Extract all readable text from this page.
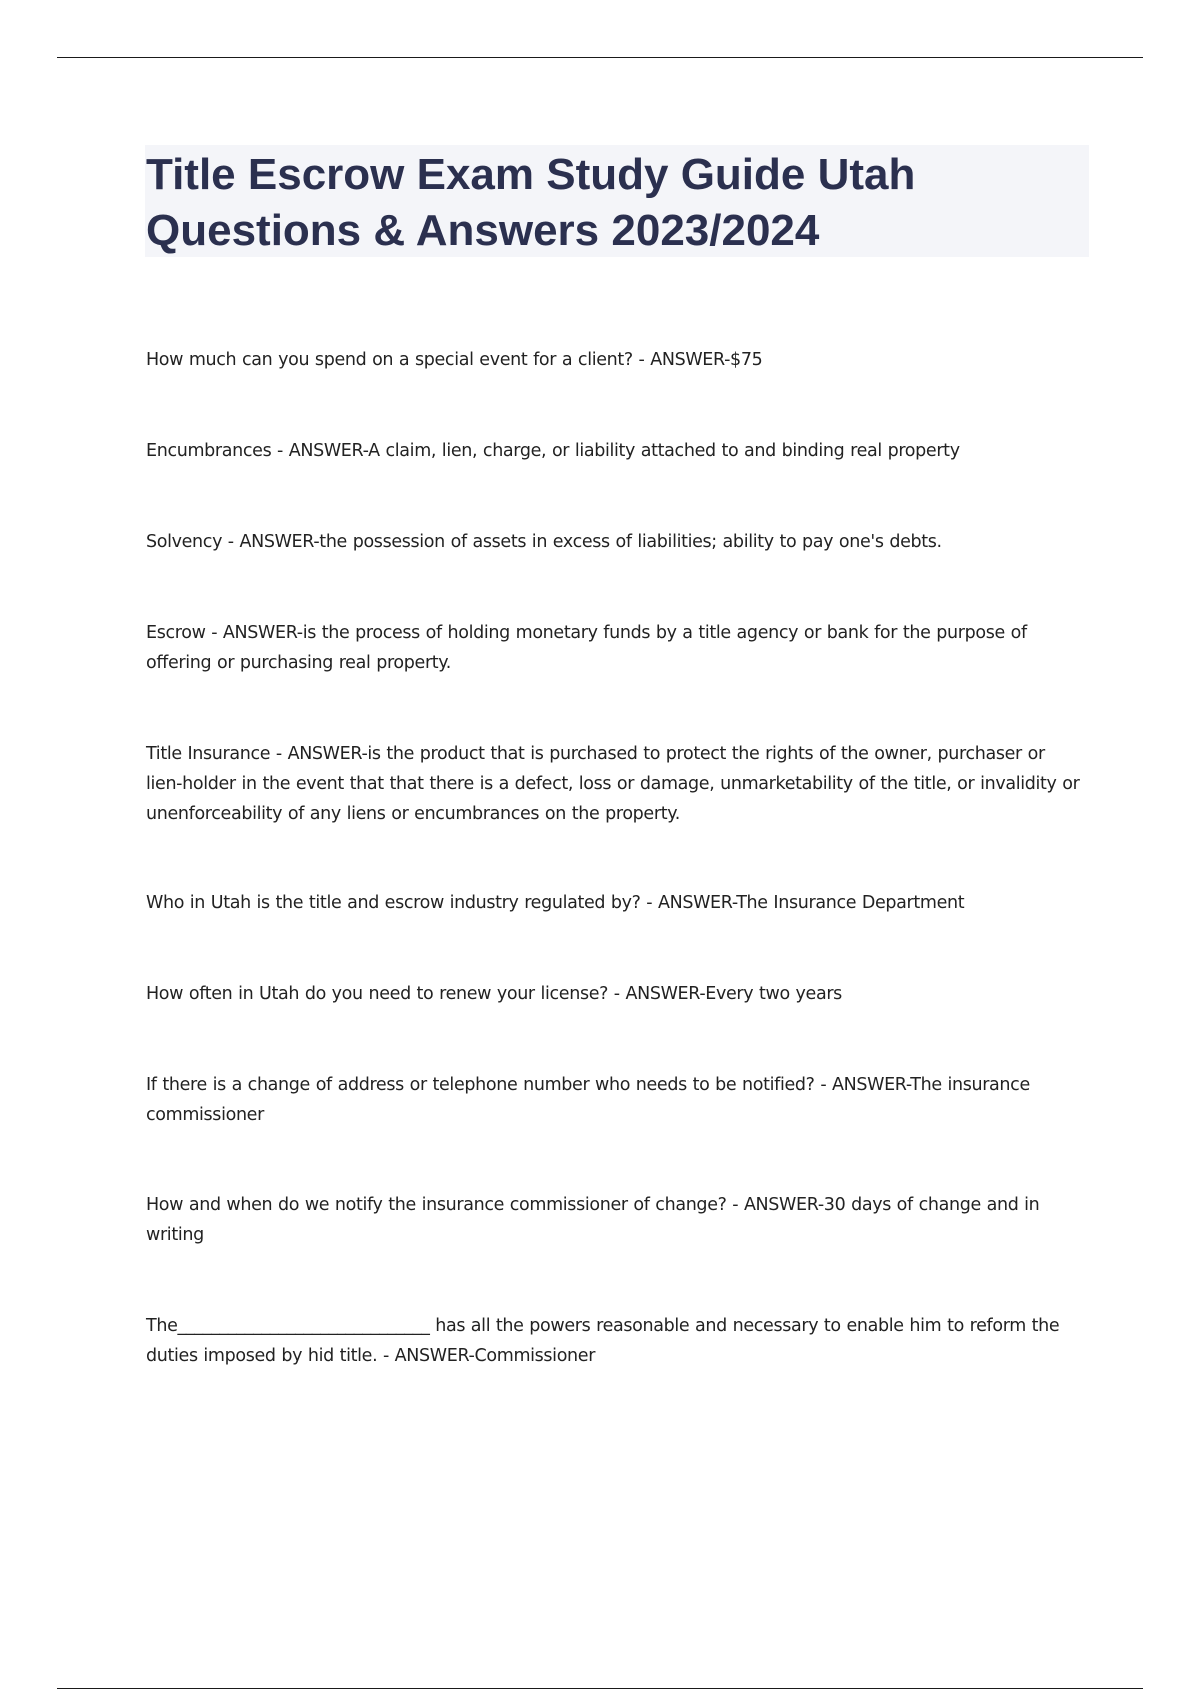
Title Escrow Exam Study Guide Utah
Questions & Answers 2023/2024
How much can you spend on a special event for a client? - ANSWER-$75
Encumbrances - ANSWER-A claim, lien, charge, or liability attached to and binding real property
Solvency - ANSWER-the possession of assets in excess of liabilities; ability to pay one's debts.
Escrow - ANSWER-is the process of holding monetary funds by a title agency or bank for the purpose of offering or purchasing real property.
Title Insurance - ANSWER-is the product that is purchased to protect the rights of the owner, purchaser or lien-holder in the event that that there is a defect, loss or damage, unmarketability of the title, or invalidity or unenforceability of any liens or encumbrances on the property.
Who in Utah is the title and escrow industry regulated by? - ANSWER-The Insurance Department
How often in Utah do you need to renew your license? - ANSWER-Every two years
If there is a change of address or telephone number who needs to be notified? - ANSWER-The insurance commissioner
How and when do we notify the insurance commissioner of change? - ANSWER-30 days of change and in writing
The______________________________ has all the powers reasonable and necessary to enable him to reform the duties imposed by hid title. - ANSWER-Commissioner
